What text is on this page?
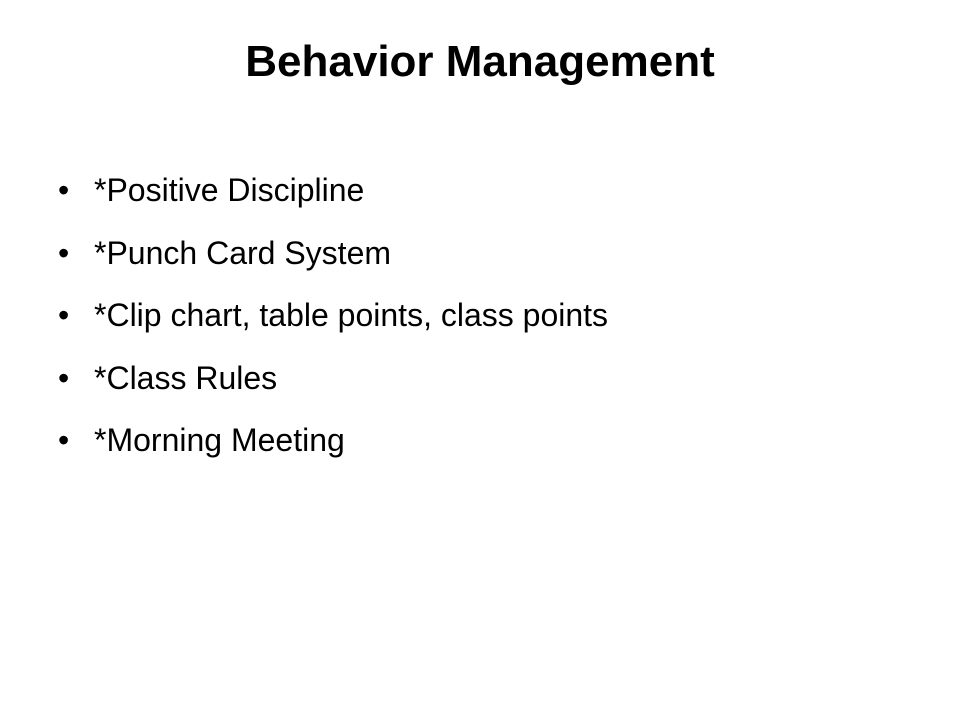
Behavior Management
• *Positive Discipline
• *Punch Card System
• *Clip chart, table points, class points
• *Class Rules
• *Morning Meeting
